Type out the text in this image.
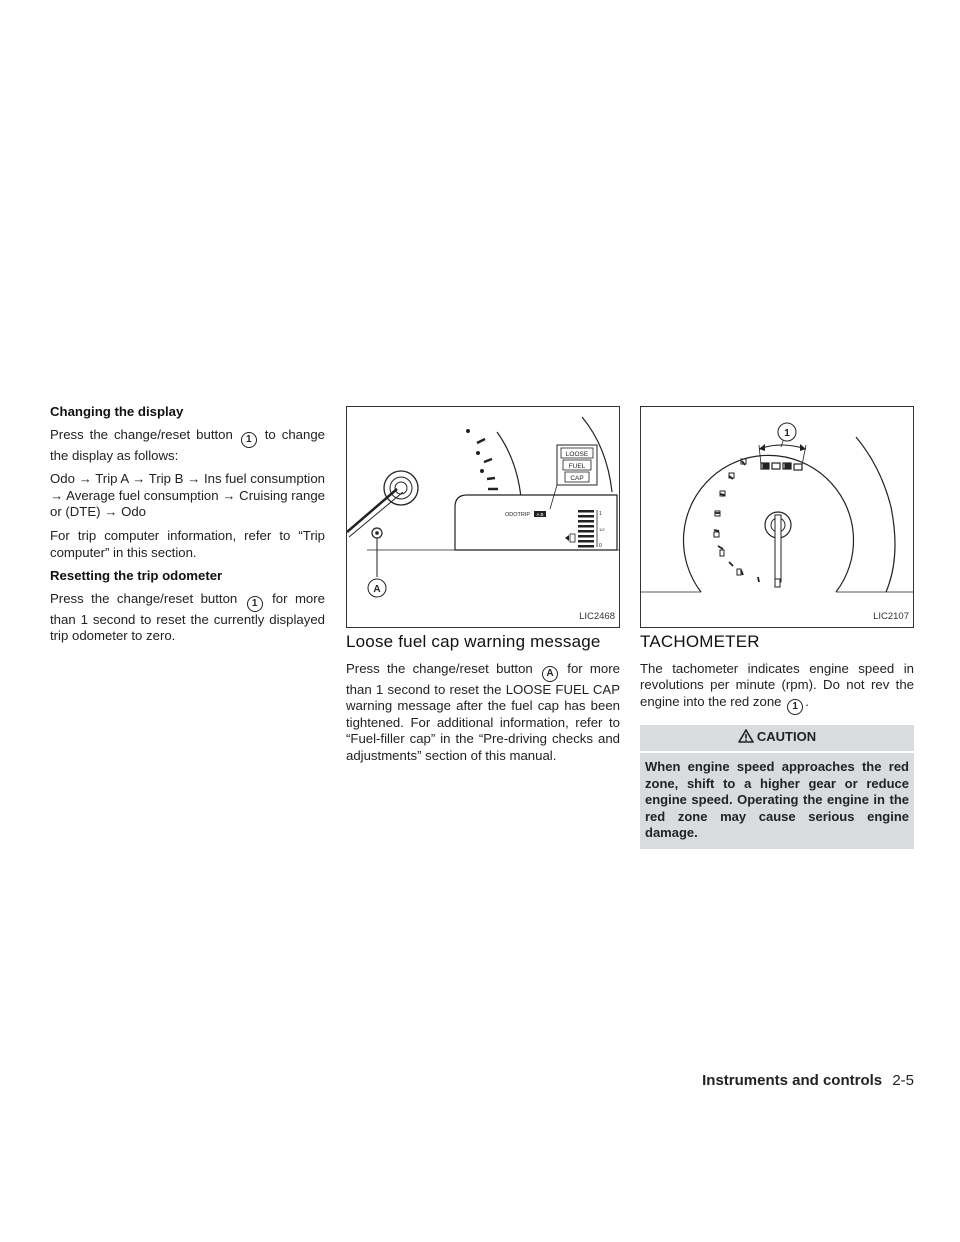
Changing the display

Press the change/reset button 1 to change the display as follows:

Odo → Trip A → Trip B → Ins fuel consumption → Average fuel consumption → Cruising range or (DTE) → Odo

For trip computer information, refer to “Trip computer” in this section.

Resetting the trip odometer

Press the change/reset button 1 for more than 1 second to reset the currently displayed trip odometer to zero.

LOOSE
FUEL
CAP
ODOTRIP A B	1
1/2
0
A
LIC2468
Loose fuel cap warning message

Press the change/reset button A for more than 1 second to reset the LOOSE FUEL CAP warning message after the fuel cap has been tightened. For additional information, refer to “Fuel-filler cap” in the “Pre-driving checks and adjustments” section of this manual.

1
LIC2107
TACHOMETER

The tachometer indicates engine speed in revolutions per minute (rpm). Do not rev the engine into the red zone 1 .

CAUTION
When engine speed approaches the red zone, shift to a higher gear or reduce engine speed. Operating the engine in the red zone may cause serious engine damage.
Instruments and controls 2-5
